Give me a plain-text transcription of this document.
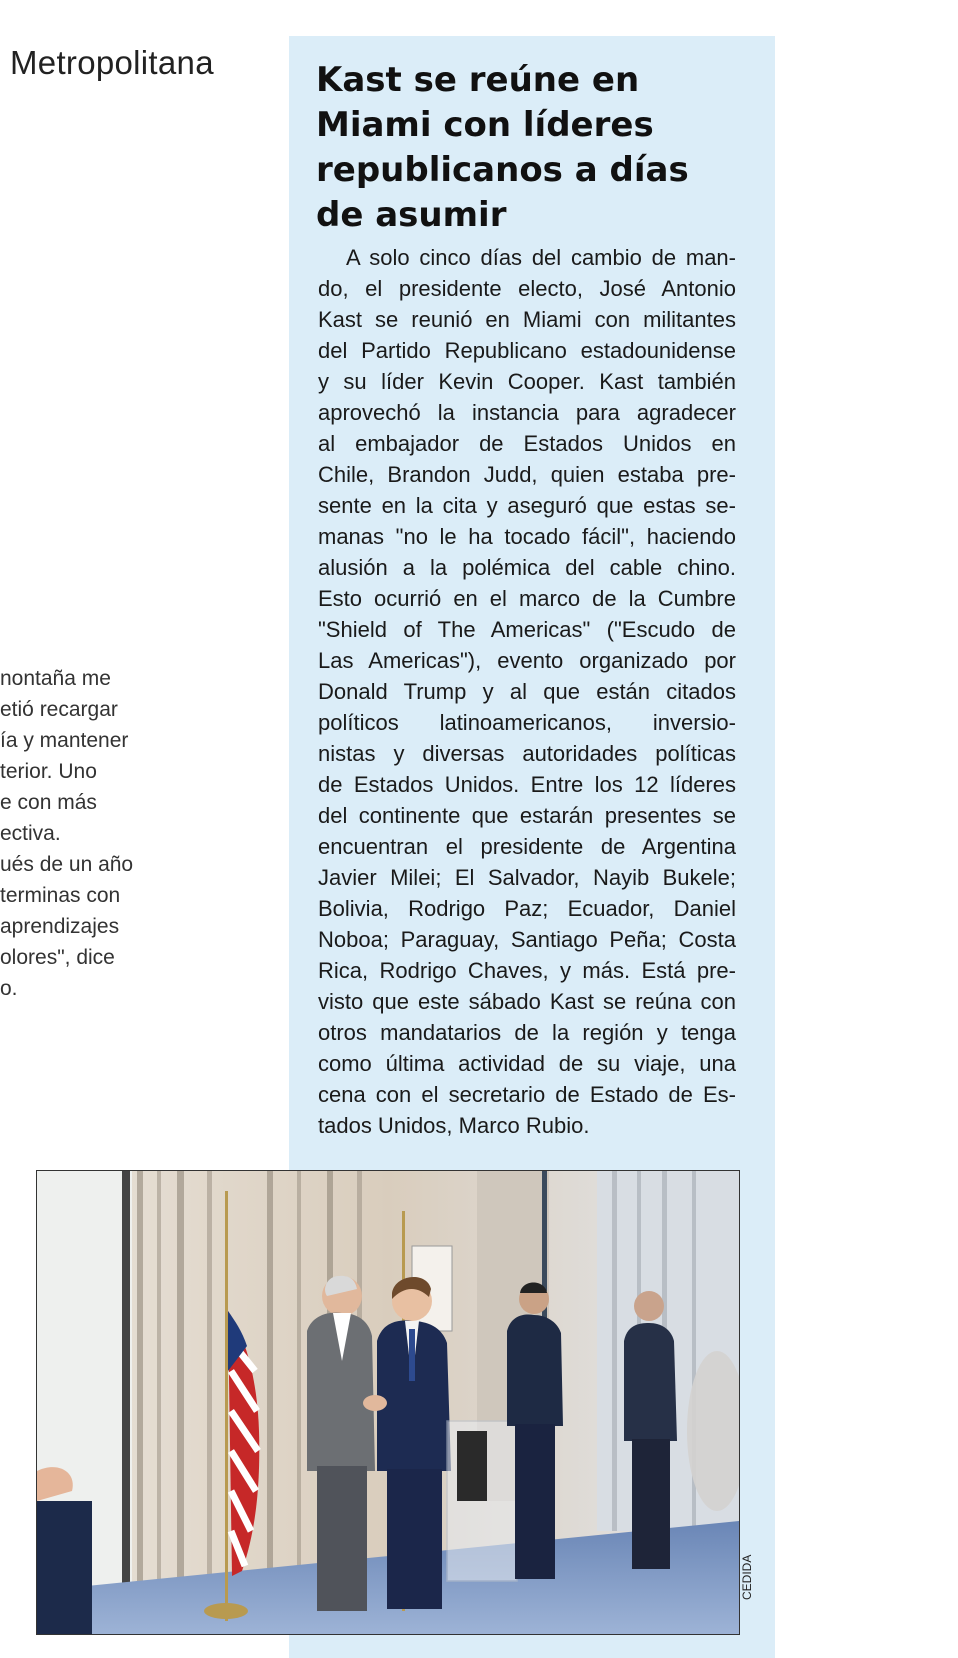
Metropolitana
nontaña me
etió recargar
ía y mantener
terior. Uno
e con más
ectiva.
ués de un año
terminas con
aprendizajes
olores", dice
o.
Kast se reúne en
Miami con líderes
republicanos a días
de asumir
A solo cinco días del cambio de man-
do, el presidente electo, José Antonio
Kast se reunió en Miami con militantes
del Partido Republicano estadounidense
y su líder Kevin Cooper. Kast también
aprovechó la instancia para agradecer
al embajador de Estados Unidos en
Chile, Brandon Judd, quien estaba pre-
sente en la cita y aseguró que estas se-
manas "no le ha tocado fácil", haciendo
alusión a la polémica del cable chino.
Esto ocurrió en el marco de la Cumbre
"Shield of The Americas" ("Escudo de
Las Americas"), evento organizado por
Donald Trump y al que están citados
políticos latinoamericanos, inversio-
nistas y diversas autoridades políticas
de Estados Unidos. Entre los 12 líderes
del continente que estarán presentes se
encuentran el presidente de Argentina
Javier Milei; El Salvador, Nayib Bukele;
Bolivia, Rodrigo Paz; Ecuador, Daniel
Noboa; Paraguay, Santiago Peña; Costa
Rica, Rodrigo Chaves, y más. Está pre-
visto que este sábado Kast se reúna con
otros mandatarios de la región y tenga
como última actividad de su viaje, una
cena con el secretario de Estado de Es-
tados Unidos, Marco Rubio.
CEDIDA
